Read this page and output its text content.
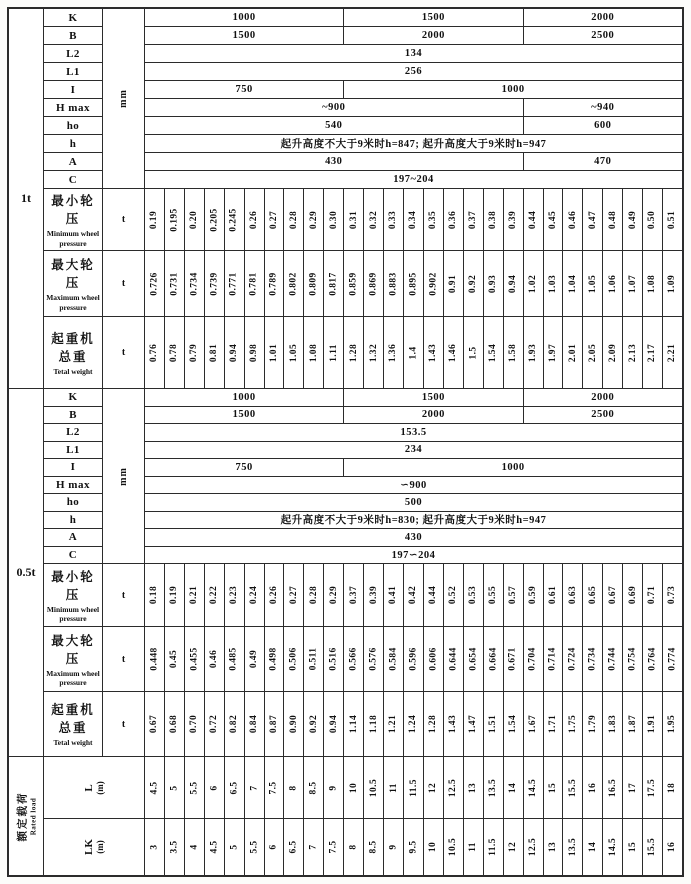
1t
mm
K	1000	1500	2000
B	1500	2000	2500
L2	134
L1	256
I	750	1000
H max	~900	~940
ho	540	600
h	起升高度不大于9米时h=847; 起升高度大于9米时h=947
A	430	470
C	197~204
最小轮压
Minimum wheel pressure
t	0.19 0.195 0.20 0.205 0.245 0.26 0.27 0.28 0.29 0.30 0.31 0.32 0.33 0.34 0.35 0.36 0.37 0.38 0.39 0.44 0.45 0.46 0.47 0.48 0.49 0.50 0.51
最大轮压
Maximum wheel pressure
t	0.726 0.731 0.734 0.739 0.771 0.781 0.789 0.802 0.809 0.817 0.859 0.869 0.883 0.895 0.902 0.91 0.92 0.93 0.94 1.02 1.03 1.04 1.05 1.06 1.07 1.08 1.09
起重机总重
Tetal weight
t	0.76 0.78 0.79 0.81 0.94 0.98 1.01 1.05 1.08 1.11 1.28 1.32 1.36 1.4 1.43 1.46 1.5 1.54 1.58 1.93 1.97 2.01 2.05 2.09 2.13 2.17 2.21
0.5t
mm
K	1000	1500	2000
B	1500	2000	2500
L2	153.5
L1	234
I	750	1000
H max	∽900
ho	500
h	起升高度不大于9米时h=830; 起升高度大于9米时h=947
A	430
C	197∽204
最小轮压
Minimum wheel pressure
t	0.18 0.19 0.21 0.22 0.23 0.24 0.26 0.27 0.28 0.29 0.37 0.39 0.41 0.42 0.44 0.52 0.53 0.55 0.57 0.59 0.61 0.63 0.65 0.67 0.69 0.71 0.73
最大轮压
Maximum wheel pressure
t	0.448 0.45 0.455 0.46 0.485 0.49 0.498 0.506 0.511 0.516 0.566 0.576 0.584 0.596 0.606 0.644 0.654 0.664 0.671 0.704 0.714 0.724 0.734 0.744 0.754 0.764 0.774
起重机总重
Tetal weight
t	0.67 0.68 0.70 0.72 0.82 0.84 0.87 0.90 0.92 0.94 1.14 1.18 1.21 1.24 1.28 1.43 1.47 1.51 1.54 1.67 1.71 1.75 1.79 1.83 1.87 1.91 1.95
额定载荷 Rated load
L (m)	4.5 5 5.5 6 6.5 7 7.5 8 8.5 9 10 10.5 11 11.5 12 12.5 13 13.5 14 14.5 15 15.5 16 16.5 17 17.5 18
LK (m)	3 3.5 4 4.5 5 5.5 6 6.5 7 7.5 8 8.5 9 9.5 10 10.5 11 11.5 12 12.5 13 13.5 14 14.5 15 15.5 16
